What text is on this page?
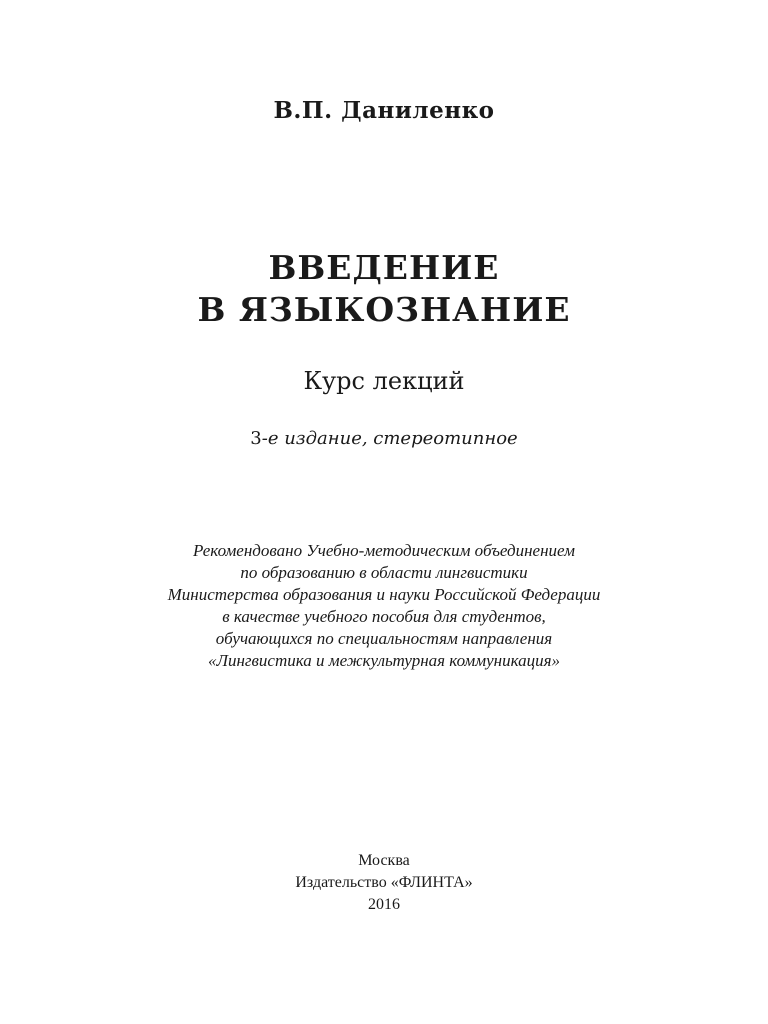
В.П. Даниленко
ВВЕДЕНИЕ
В ЯЗЫКОЗНАНИЕ
Курс лекций
3-е издание, стереотипное
Рекомендовано Учебно-методическим объединением
по образованию в области лингвистики
Министерства образования и науки Российской Федерации
в качестве учебного пособия для студентов,
обучающихся по специальностям направления
«Лингвистика и межкультурная коммуникация»
Москва
Издательство «ФЛИНТА»
2016
